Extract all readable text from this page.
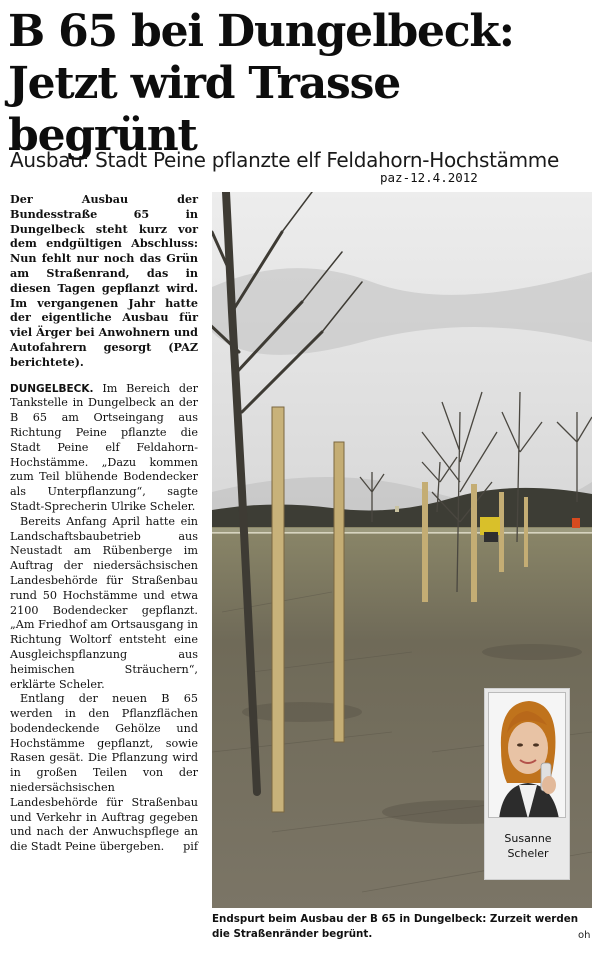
B 65 bei Dungelbeck:
Jetzt wird Trasse begrünt
Ausbau: Stadt Peine pflanzte elf Feldahorn-Hochstämme
paz-12.4.2012
Der Ausbau der Bundesstraße 65 in Dungelbeck steht kurz vor dem endgültigen Abschluss: Nun fehlt nur noch das Grün am Straßenrand, das in diesen Tagen gepflanzt wird. Im vergangenen Jahr hatte der eigentliche Ausbau für viel Ärger bei Anwohnern und Autofahrern gesorgt (PAZ berichtete).

DUNGELBECK. Im Bereich der Tankstelle in Dungelbeck an der B 65 am Ortseingang aus Richtung Peine pflanzte die Stadt Peine elf Feldahorn-Hochstämme. „Dazu kommen zum Teil blühende Bodendecker als Unterpflanzung“, sagte Stadt-Sprecherin Ulrike Scheler.

Bereits Anfang April hatte ein Landschaftsbaubetrieb aus Neustadt am Rübenberge im Auftrag der niedersächsischen Landesbehörde für Straßenbau rund 50 Hochstämme und etwa 2100 Bodendecker gepflanzt. „Am Friedhof am Ortsausgang in Richtung Woltorf entsteht eine Ausgleichspflanzung aus heimischen Sträuchern“, erklärte Scheler.

Entlang der neuen B 65 werden in den Pflanzflächen bodendeckende Gehölze und Hochstämme gepflanzt, sowie Rasen gesät. Die Pflanzung wird in großen Teilen von der niedersächsischen Landesbehörde für Straßenbau und Verkehr in Auftrag gegeben und nach der Anwuchspflege an die Stadt Peine übergeben.	pif

Susanne
Scheler
Endspurt beim Ausbau der B 65 in Dungelbeck: Zurzeit werden die Straßenränder begrünt.	oh
